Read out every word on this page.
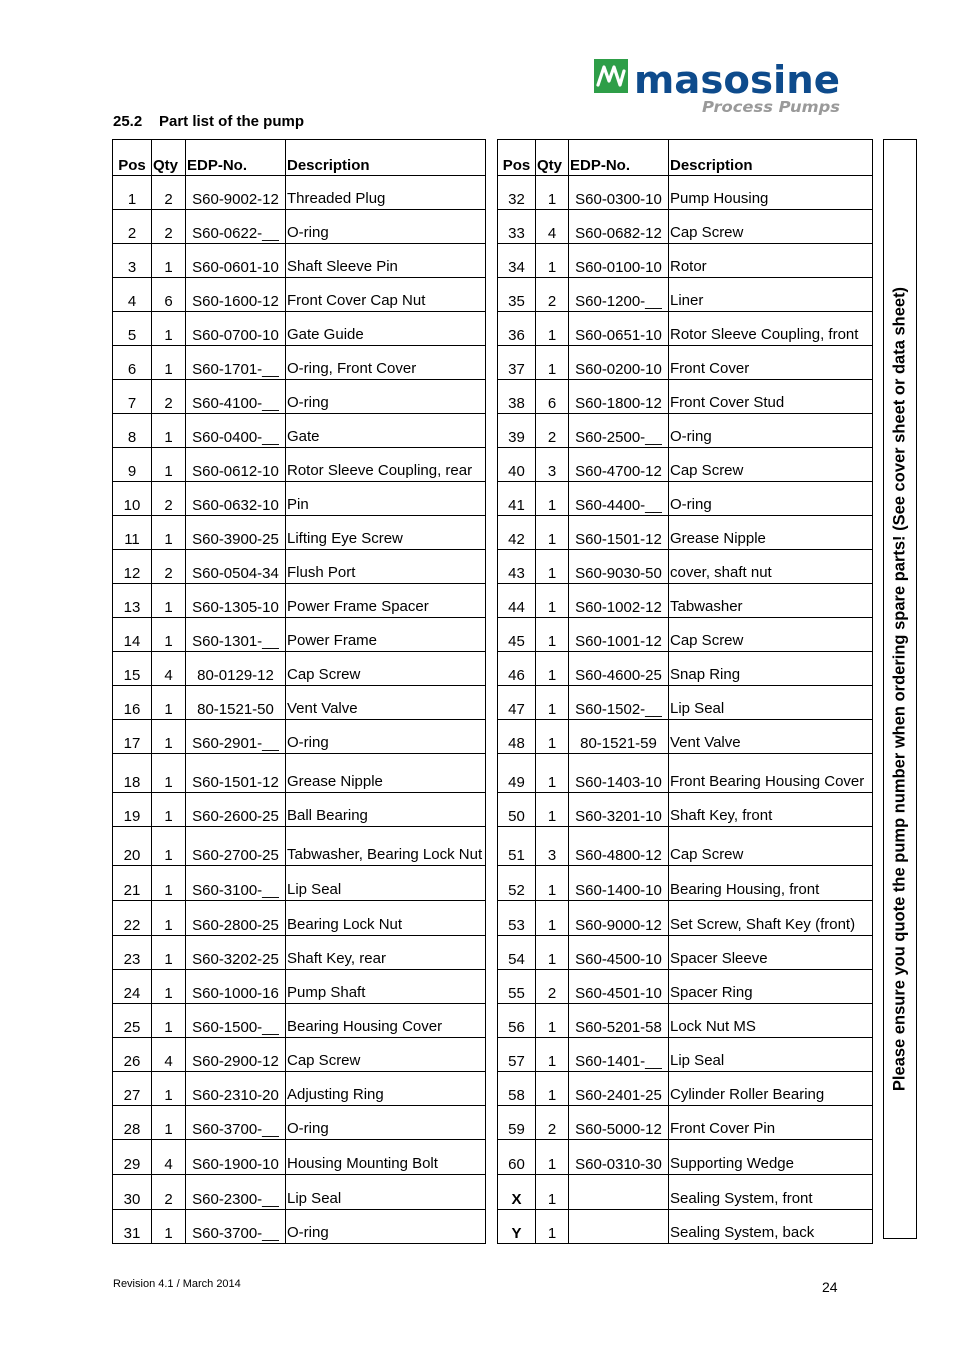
masosine
Process Pumps
25.2 Part list of the pump
Pos	Qty	EDP-No.	Description
1	2	S60-9002-12	Threaded Plug
2	2	S60-0622-__	O-ring
3	1	S60-0601-10	Shaft Sleeve Pin
4	6	S60-1600-12	Front Cover Cap Nut
5	1	S60-0700-10	Gate Guide
6	1	S60-1701-__	O-ring, Front Cover
7	2	S60-4100-__	O-ring
8	1	S60-0400-__	Gate
9	1	S60-0612-10	Rotor Sleeve Coupling, rear
10	2	S60-0632-10	Pin
11	1	S60-3900-25	Lifting Eye Screw
12	2	S60-0504-34	Flush Port
13	1	S60-1305-10	Power Frame Spacer
14	1	S60-1301-__	Power Frame
15	4	80-0129-12	Cap Screw
16	1	80-1521-50	Vent Valve
17	1	S60-2901-__	O-ring
18	1	S60-1501-12	Grease Nipple
19	1	S60-2600-25	Ball Bearing
20	1	S60-2700-25	Tabwasher, Bearing Lock Nut
21	1	S60-3100-__	Lip Seal
22	1	S60-2800-25	Bearing Lock Nut
23	1	S60-3202-25	Shaft Key, rear
24	1	S60-1000-16	Pump Shaft
25	1	S60-1500-__	Bearing Housing Cover
26	4	S60-2900-12	Cap Screw
27	1	S60-2310-20	Adjusting Ring
28	1	S60-3700-__	O-ring
29	4	S60-1900-10	Housing Mounting Bolt
30	2	S60-2300-__	Lip Seal
31	1	S60-3700-__	O-ring
Pos	Qty	EDP-No.	Description
32	1	S60-0300-10	Pump Housing
33	4	S60-0682-12	Cap Screw
34	1	S60-0100-10	Rotor
35	2	S60-1200-__	Liner
36	1	S60-0651-10	Rotor Sleeve Coupling, front
37	1	S60-0200-10	Front Cover
38	6	S60-1800-12	Front Cover Stud
39	2	S60-2500-__	O-ring
40	3	S60-4700-12	Cap Screw
41	1	S60-4400-__	O-ring
42	1	S60-1501-12	Grease Nipple
43	1	S60-9030-50	cover, shaft nut
44	1	S60-1002-12	Tabwasher
45	1	S60-1001-12	Cap Screw
46	1	S60-4600-25	Snap Ring
47	1	S60-1502-__	Lip Seal
48	1	80-1521-59	Vent Valve
49	1	S60-1403-10	Front Bearing Housing Cover
50	1	S60-3201-10	Shaft Key, front
51	3	S60-4800-12	Cap Screw
52	1	S60-1400-10	Bearing Housing, front
53	1	S60-9000-12	Set Screw, Shaft Key (front)
54	1	S60-4500-10	Spacer Sleeve
55	2	S60-4501-10	Spacer Ring
56	1	S60-5201-58	Lock Nut MS
57	1	S60-1401-__	Lip Seal
58	1	S60-2401-25	Cylinder Roller Bearing
59	2	S60-5000-12	Front Cover Pin
60	1	S60-0310-30	Supporting Wedge
X	1		Sealing System, front
Y	1		Sealing System, back
Please ensure you quote the pump number when ordering spare parts! (See cover sheet or data sheet)
Revision 4.1 / March 2014	24
